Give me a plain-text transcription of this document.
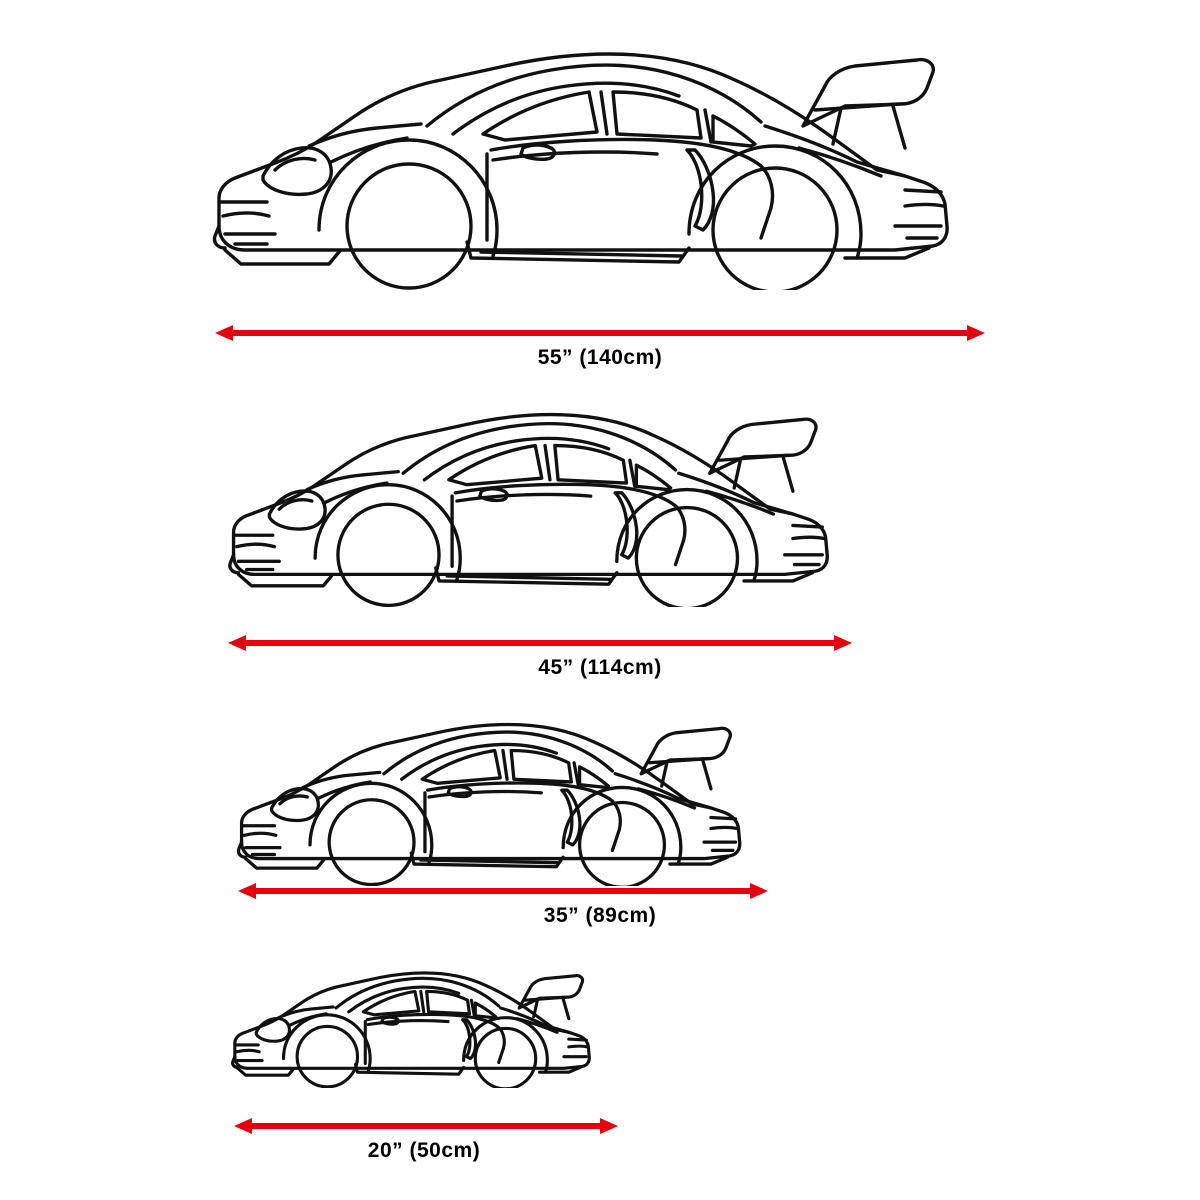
55” (140cm)
45” (114cm)
35” (89cm)
20” (50cm)
